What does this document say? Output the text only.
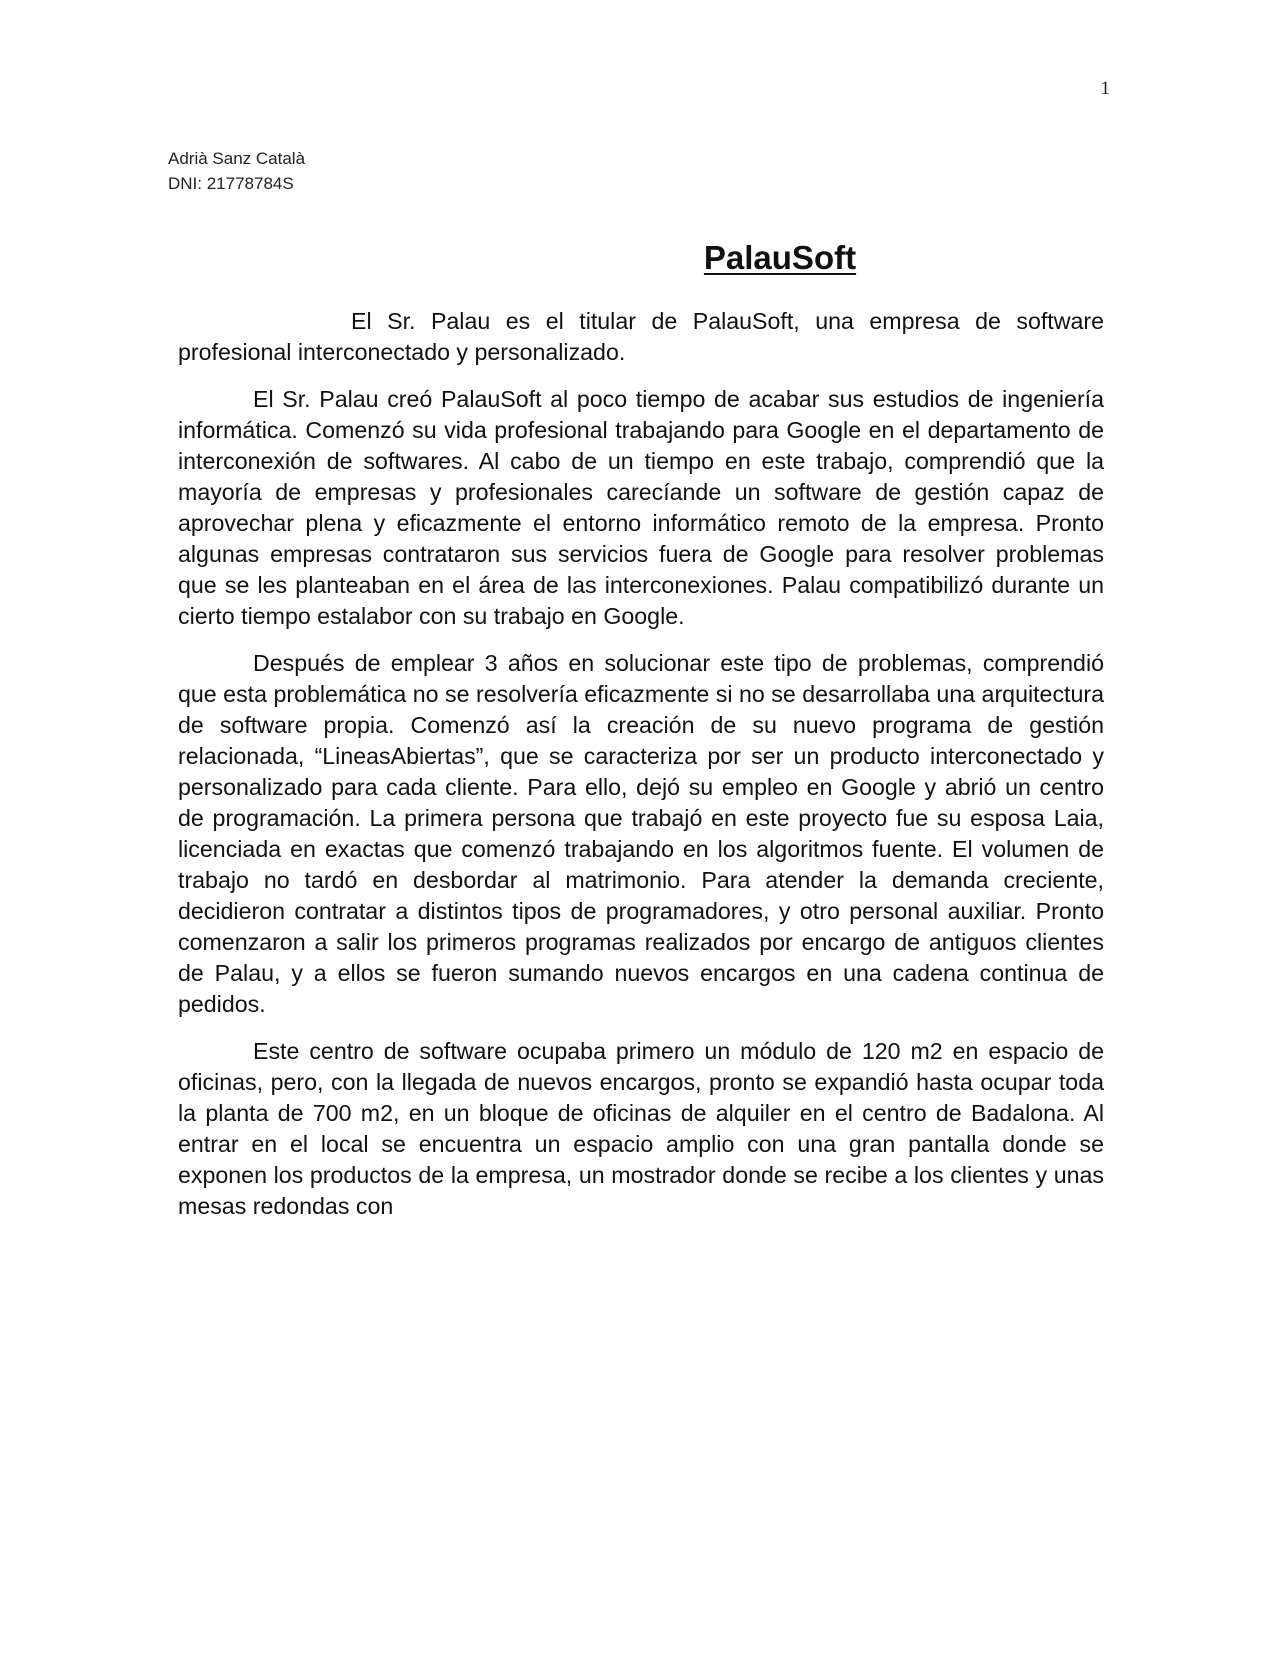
1
Adrià Sanz Català
DNI: 21778784S
PalauSoft

El Sr. Palau es el titular de PalauSoft, una empresa de software profesional interconectado y personalizado.

El Sr. Palau creó PalauSoft al poco tiempo de acabar sus estudios de ingeniería informática. Comenzó su vida profesional trabajando para Google en el departamento de interconexión de softwares. Al cabo de un tiempo en este trabajo, comprendió que la mayoría de empresas y profesionales carecíande un software de gestión capaz de aprovechar plena y eficazmente el entorno informático remoto de la empresa. Pronto algunas empresas contrataron sus servicios fuera de Google para resolver problemas que se les planteaban en el área de las interconexiones. Palau compatibilizó durante un cierto tiempo estalabor con su trabajo en Google.

Después de emplear 3 años en solucionar este tipo de problemas, comprendió que esta problemática no se resolvería eficazmente si no se desarrollaba una arquitectura de software propia. Comenzó así la creación de su nuevo programa de gestión relacionada, “LineasAbiertas”, que se caracteriza por ser un producto interconectado y personalizado para cada cliente. Para ello, dejó su empleo en Google y abrió un centro de programación. La primera persona que trabajó en este proyecto fue su esposa Laia, licenciada en exactas que comenzó trabajando en los algoritmos fuente. El volumen de trabajo no tardó en desbordar al matrimonio. Para atender la demanda creciente, decidieron contratar a distintos tipos de programadores, y otro personal auxiliar. Pronto comenzaron a salir los primeros programas realizados por encargo de antiguos clientes de Palau, y a ellos se fueron sumando nuevos encargos en una cadena continua de pedidos.

Este centro de software ocupaba primero un módulo de 120 m2 en espacio de oficinas, pero, con la llegada de nuevos encargos, pronto se expandió hasta ocupar toda la planta de 700 m2, en un bloque de oficinas de alquiler en el centro de Badalona. Al entrar en el local se encuentra un espacio amplio con una gran pantalla donde se exponen los productos de la empresa, un mostrador donde se recibe a los clientes y unas mesas redondas con
